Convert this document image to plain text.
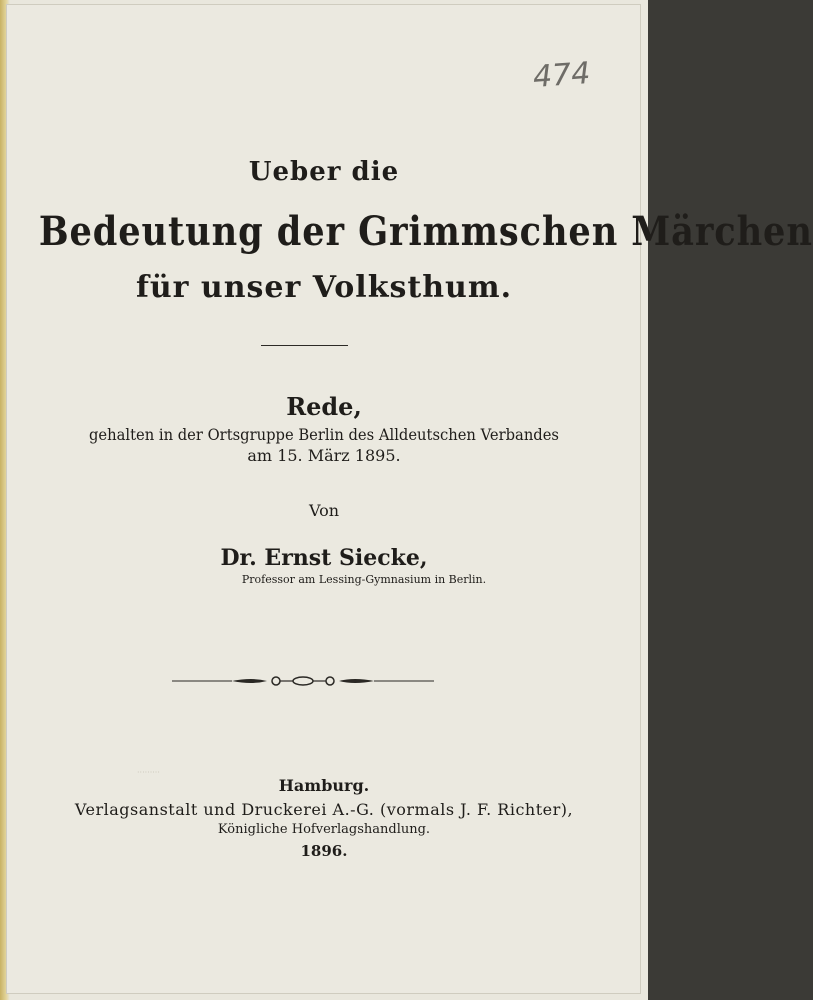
474
·········
Ueber die
Bedeutung der Grimmschen Märchen
für unser Volksthum.
Rede,
gehalten in der Ortsgruppe Berlin des Alldeutschen Verbandes
am 15. März 1895.
Von
Dr. Ernst Siecke,
Professor am Lessing-Gymnasium in Berlin.
Hamburg.
Verlagsanstalt und Druckerei A.-G. (vormals J. F. Richter),
Königliche Hofverlagshandlung.
1896.
